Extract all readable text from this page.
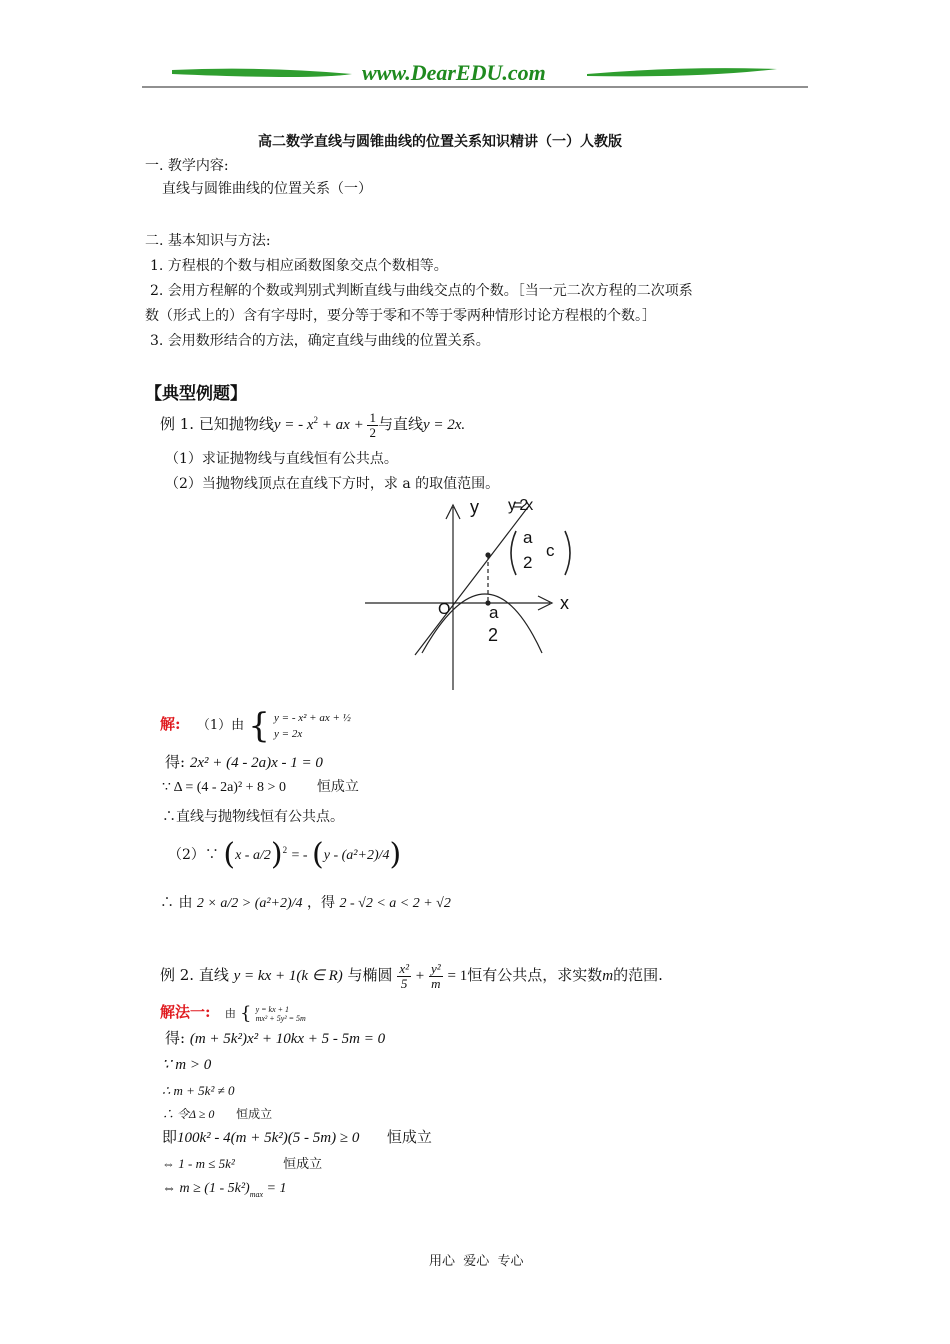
www.DearEDU.com
高二数学直线与圆锥曲线的位置关系知识精讲（一）人教版
一. 教学内容:
直线与圆锥曲线的位置关系（一）
二. 基本知识与方法:
1. 方程根的个数与相应函数图象交点个数相等。
2. 会用方程解的个数或判别式判断直线与曲线交点的个数。［当一元二次方程的二次项系
数（形式上的）含有字母时，要分等于零和不等于零两种情形讨论方程根的个数。］
3. 会用数形结合的方法，确定直线与曲线的位置关系。
【典型例题】
例 1. 已知抛物线y = - $x^2$ + ax + $\frac{1}{2}$ 与直线y = 2x.
（1）求证抛物线与直线恒有公共点。
（2）当抛物线顶点在直线下方时，求 a 的取值范围。
y y=2x
x
O
a
2
c
a
2
解: （1）由 { y = - x² + ax + ½
y = 2x
得: 2x² + (4 - 2a)x - 1 = 0
∵ Δ = (4 - 2a)² + 8 > 0 恒成立
∴直线与抛物线恒有公共点。
（2）∵ (x - a/2)$^2$ = - (y - (a²+2)/4)
∴ 由 2 × a/2 > (a²+2)/4 ，得 2 - √2 < a < 2 + √2
例 2. 直线 y = kx + 1(k ∈ R) 与椭圆 $\frac{\text{x²}}{5} + \frac{\text{y²}}{m} = 1$恒有公共点，求实数m的范围.
解法一: 由 { y = kx + 1
mx² + 5y² = 5m
得: (m + 5k²)x² + 10kx + 5 - 5m = 0
∵ m > 0
∴ m + 5k² ≠ 0
∴ 令Δ ≥ 0 恒成立
即100k² - 4(m + 5k²)(5 - 5m) ≥ 0 恒成立
⇔ 1 - m ≤ 5k²	恒成立
⇔ $m \ge (1 - 5k^2)_{max} = 1$
用心  爱心  专心
